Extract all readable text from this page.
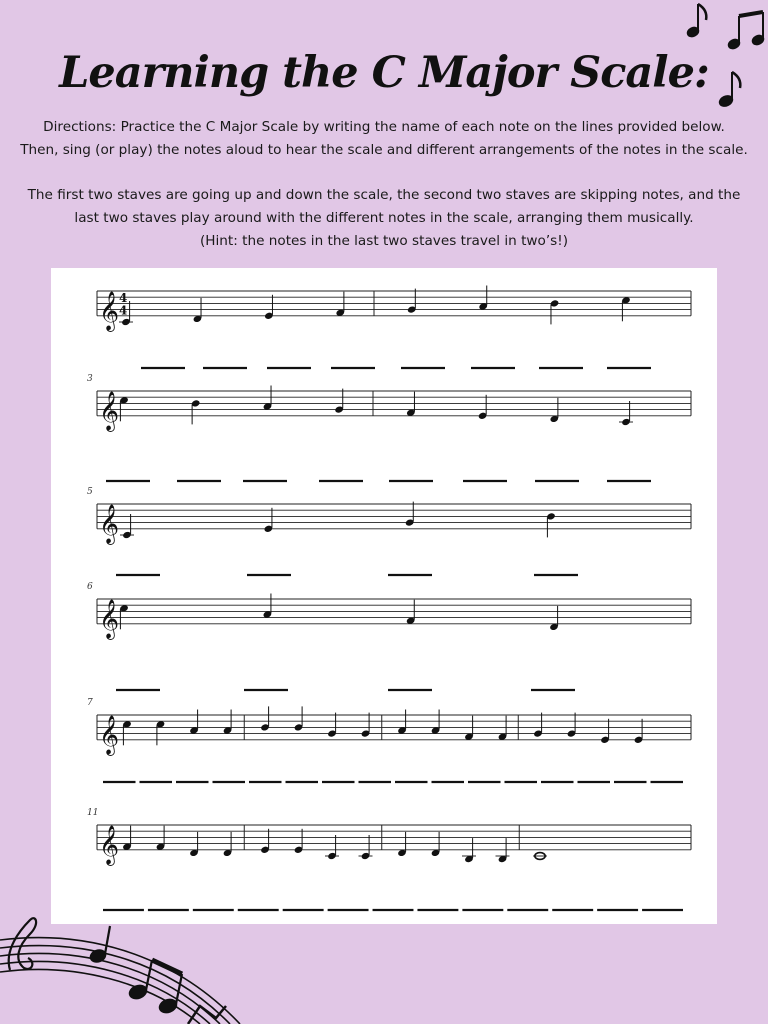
Learning the C Major Scale:
Directions: Practice the C Major Scale by writing the name of each note on the lines provided below.
Then, sing (or play) the notes aloud to hear the scale and different arrangements of the notes in the scale.
The first two staves are going up and down the scale, the second two staves are skipping notes, and the
last two staves play around with the different notes in the scale, arranging them musically.
(Hint: the notes in the last two staves travel in two’s!)
𝄞 4
4
𝄞
3
𝄞
5
𝄞
6
𝄞
7
𝄞
11
